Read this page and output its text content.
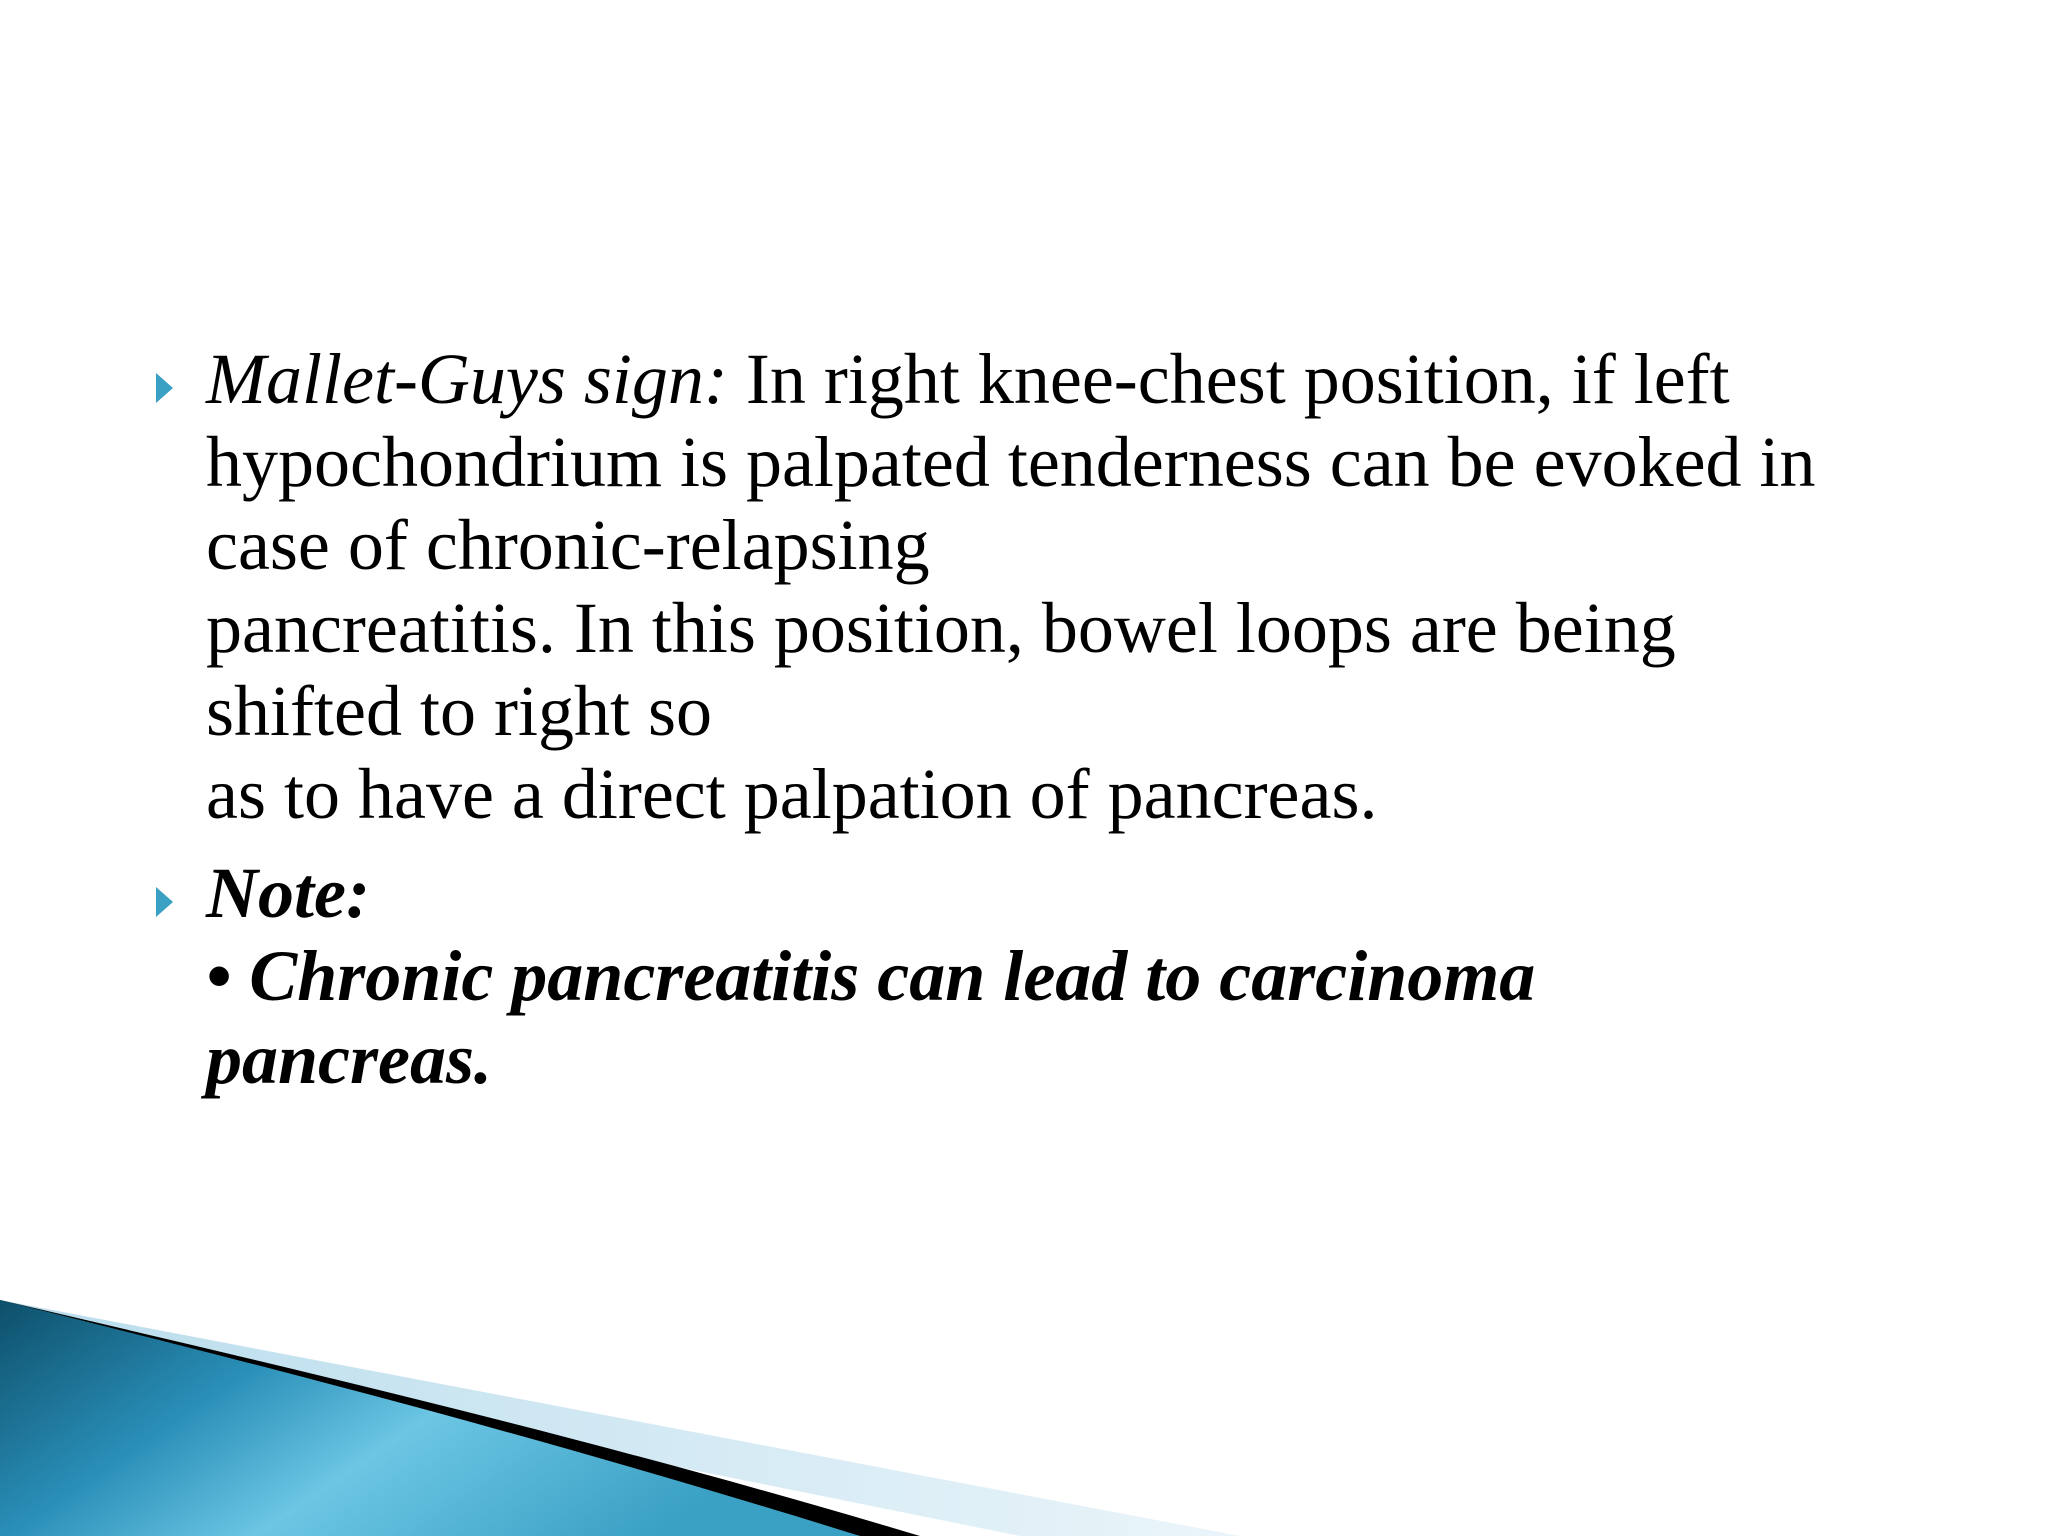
Mallet-Guys sign: In right knee-chest position, if left
hypochondrium is palpated tenderness can be evoked in
case of chronic-relapsing
pancreatitis. In this position, bowel loops are being
shifted to right so
as to have a direct palpation of pancreas.
Note:
• Chronic pancreatitis can lead to carcinoma
pancreas.
